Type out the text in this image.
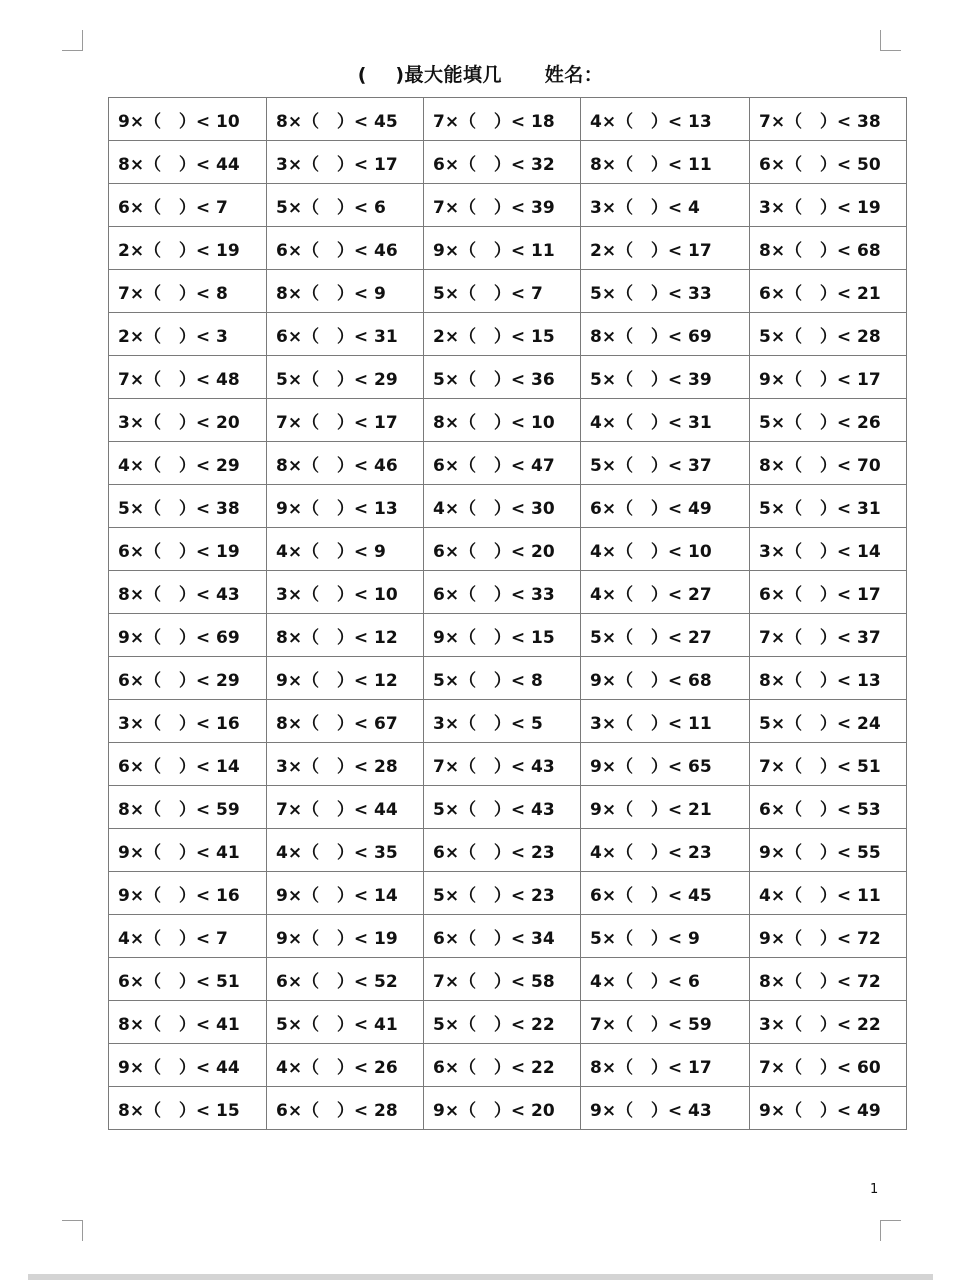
(    )最大能填几      姓名：
9×（   ）< 10	8×（   ）< 45	7×（   ）< 18	4×（   ）< 13	7×（   ）< 38
8×（   ）< 44	3×（   ）< 17	6×（   ）< 32	8×（   ）< 11	6×（   ）< 50
6×（   ）< 7	5×（   ）< 6	7×（   ）< 39	3×（   ）< 4	3×（   ）< 19
2×（   ）< 19	6×（   ）< 46	9×（   ）< 11	2×（   ）< 17	8×（   ）< 68
7×（   ）< 8	8×（   ）< 9	5×（   ）< 7	5×（   ）< 33	6×（   ）< 21
2×（   ）< 3	6×（   ）< 31	2×（   ）< 15	8×（   ）< 69	5×（   ）< 28
7×（   ）< 48	5×（   ）< 29	5×（   ）< 36	5×（   ）< 39	9×（   ）< 17
3×（   ）< 20	7×（   ）< 17	8×（   ）< 10	4×（   ）< 31	5×（   ）< 26
4×（   ）< 29	8×（   ）< 46	6×（   ）< 47	5×（   ）< 37	8×（   ）< 70
5×（   ）< 38	9×（   ）< 13	4×（   ）< 30	6×（   ）< 49	5×（   ）< 31
6×（   ）< 19	4×（   ）< 9	6×（   ）< 20	4×（   ）< 10	3×（   ）< 14
8×（   ）< 43	3×（   ）< 10	6×（   ）< 33	4×（   ）< 27	6×（   ）< 17
9×（   ）< 69	8×（   ）< 12	9×（   ）< 15	5×（   ）< 27	7×（   ）< 37
6×（   ）< 29	9×（   ）< 12	5×（   ）< 8	9×（   ）< 68	8×（   ）< 13
3×（   ）< 16	8×（   ）< 67	3×（   ）< 5	3×（   ）< 11	5×（   ）< 24
6×（   ）< 14	3×（   ）< 28	7×（   ）< 43	9×（   ）< 65	7×（   ）< 51
8×（   ）< 59	7×（   ）< 44	5×（   ）< 43	9×（   ）< 21	6×（   ）< 53
9×（   ）< 41	4×（   ）< 35	6×（   ）< 23	4×（   ）< 23	9×（   ）< 55
9×（   ）< 16	9×（   ）< 14	5×（   ）< 23	6×（   ）< 45	4×（   ）< 11
4×（   ）< 7	9×（   ）< 19	6×（   ）< 34	5×（   ）< 9	9×（   ）< 72
6×（   ）< 51	6×（   ）< 52	7×（   ）< 58	4×（   ）< 6	8×（   ）< 72
8×（   ）< 41	5×（   ）< 41	5×（   ）< 22	7×（   ）< 59	3×（   ）< 22
9×（   ）< 44	4×（   ）< 26	6×（   ）< 22	8×（   ）< 17	7×（   ）< 60
8×（   ）< 15	6×（   ）< 28	9×（   ）< 20	9×（   ）< 43	9×（   ）< 49
1
